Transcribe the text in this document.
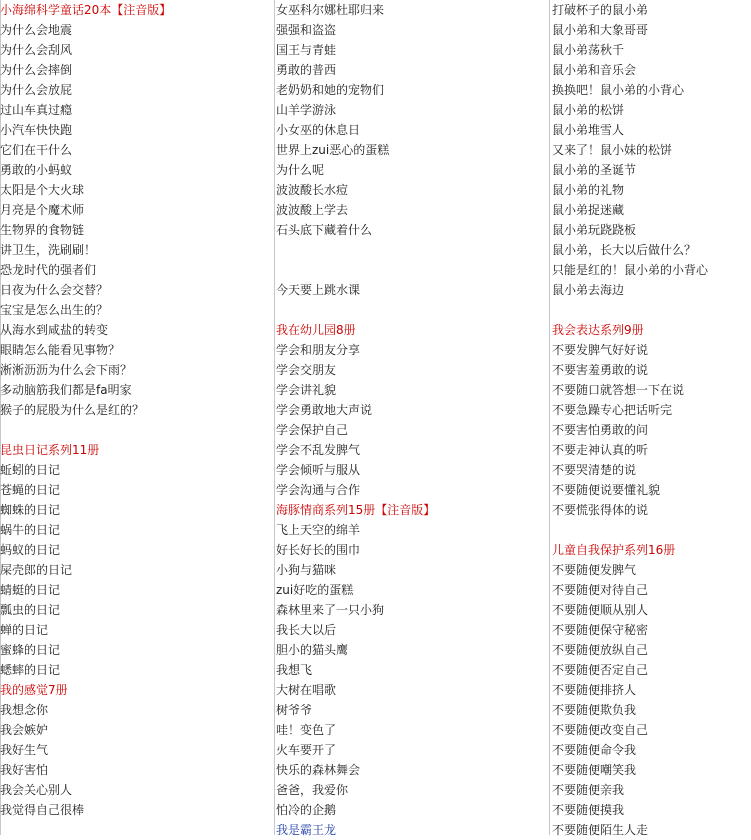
小海绵科学童话20本【注音版】
为什么会地震
为什么会刮风
为什么会摔倒
为什么会放屁
过山车真过瘾
小汽车快快跑
它们在干什么
勇敢的小蚂蚁
太阳是个大火球
月亮是个魔术师
生物界的食物链
讲卫生，洗刷刷！
恐龙时代的强者们
日夜为什么会交替？
宝宝是怎么出生的？
从海水到咸盐的转变
眼睛怎么能看见事物？
淅淅沥沥为什么会下雨？
多动脑筋我们都是fa明家
猴子的屁股为什么是红的？
昆虫日记系列11册
蚯蚓的日记
苍蝇的日记
蜘蛛的日记
蜗牛的日记
蚂蚁的日记
屎壳郎的日记
蜻蜓的日记
瓢虫的日记
蝉的日记
蜜蜂的日记
蟋蟀的日记
我的感觉7册
我想念你
我会嫉妒
我好生气
我好害怕
我会关心别人
我觉得自己很棒
女巫科尔娜杜耶归来
强强和盗盗
国王与青蛙
勇敢的普西
老奶奶和她的宠物们
山羊学游泳
小女巫的休息日
世界上zui恶心的蛋糕
为什么呢
波波酸长水痘
波波酸上学去
石头底下藏着什么
今天要上跳水课
我在幼儿园8册
学会和朋友分享
学会交朋友
学会讲礼貌
学会勇敢地大声说
学会保护自己
学会不乱发脾气
学会倾听与服从
学会沟通与合作
海豚情商系列15册【注音版】
飞上天空的绵羊
好长好长的围巾
小狗与猫咪
zui好吃的蛋糕
森林里来了一只小狗
我长大以后
胆小的猫头鹰
我想飞
大树在唱歌
树爷爷
哇！变色了
火车要开了
快乐的森林舞会
爸爸，我爱你
怕冷的企鹅
我是霸王龙
打破杯子的鼠小弟
鼠小弟和大象哥哥
鼠小弟荡秋千
鼠小弟和音乐会
换换吧！鼠小弟的小背心
鼠小弟的松饼
鼠小弟堆雪人
又来了！鼠小妹的松饼
鼠小弟的圣诞节
鼠小弟的礼物
鼠小弟捉迷藏
鼠小弟玩跷跷板
鼠小弟，长大以后做什么？
只能是红的！鼠小弟的小背心
鼠小弟去海边
我会表达系列9册
不要发脾气好好说
不要害羞勇敢的说
不要随口就答想一下在说
不要急躁专心把话听完
不要害怕勇敢的问
不要走神认真的听
不要哭清楚的说
不要随便说要懂礼貌
不要慌张得体的说
儿童自我保护系列16册
不要随便发脾气
不要随便对待自己
不要随便顺从别人
不要随便保守秘密
不要随便放纵自己
不要随便否定自己
不要随便排挤人
不要随便欺负我
不要随便改变自己
不要随便命令我
不要随便嘲笑我
不要随便亲我
不要随便摸我
不要随便陌生人走
